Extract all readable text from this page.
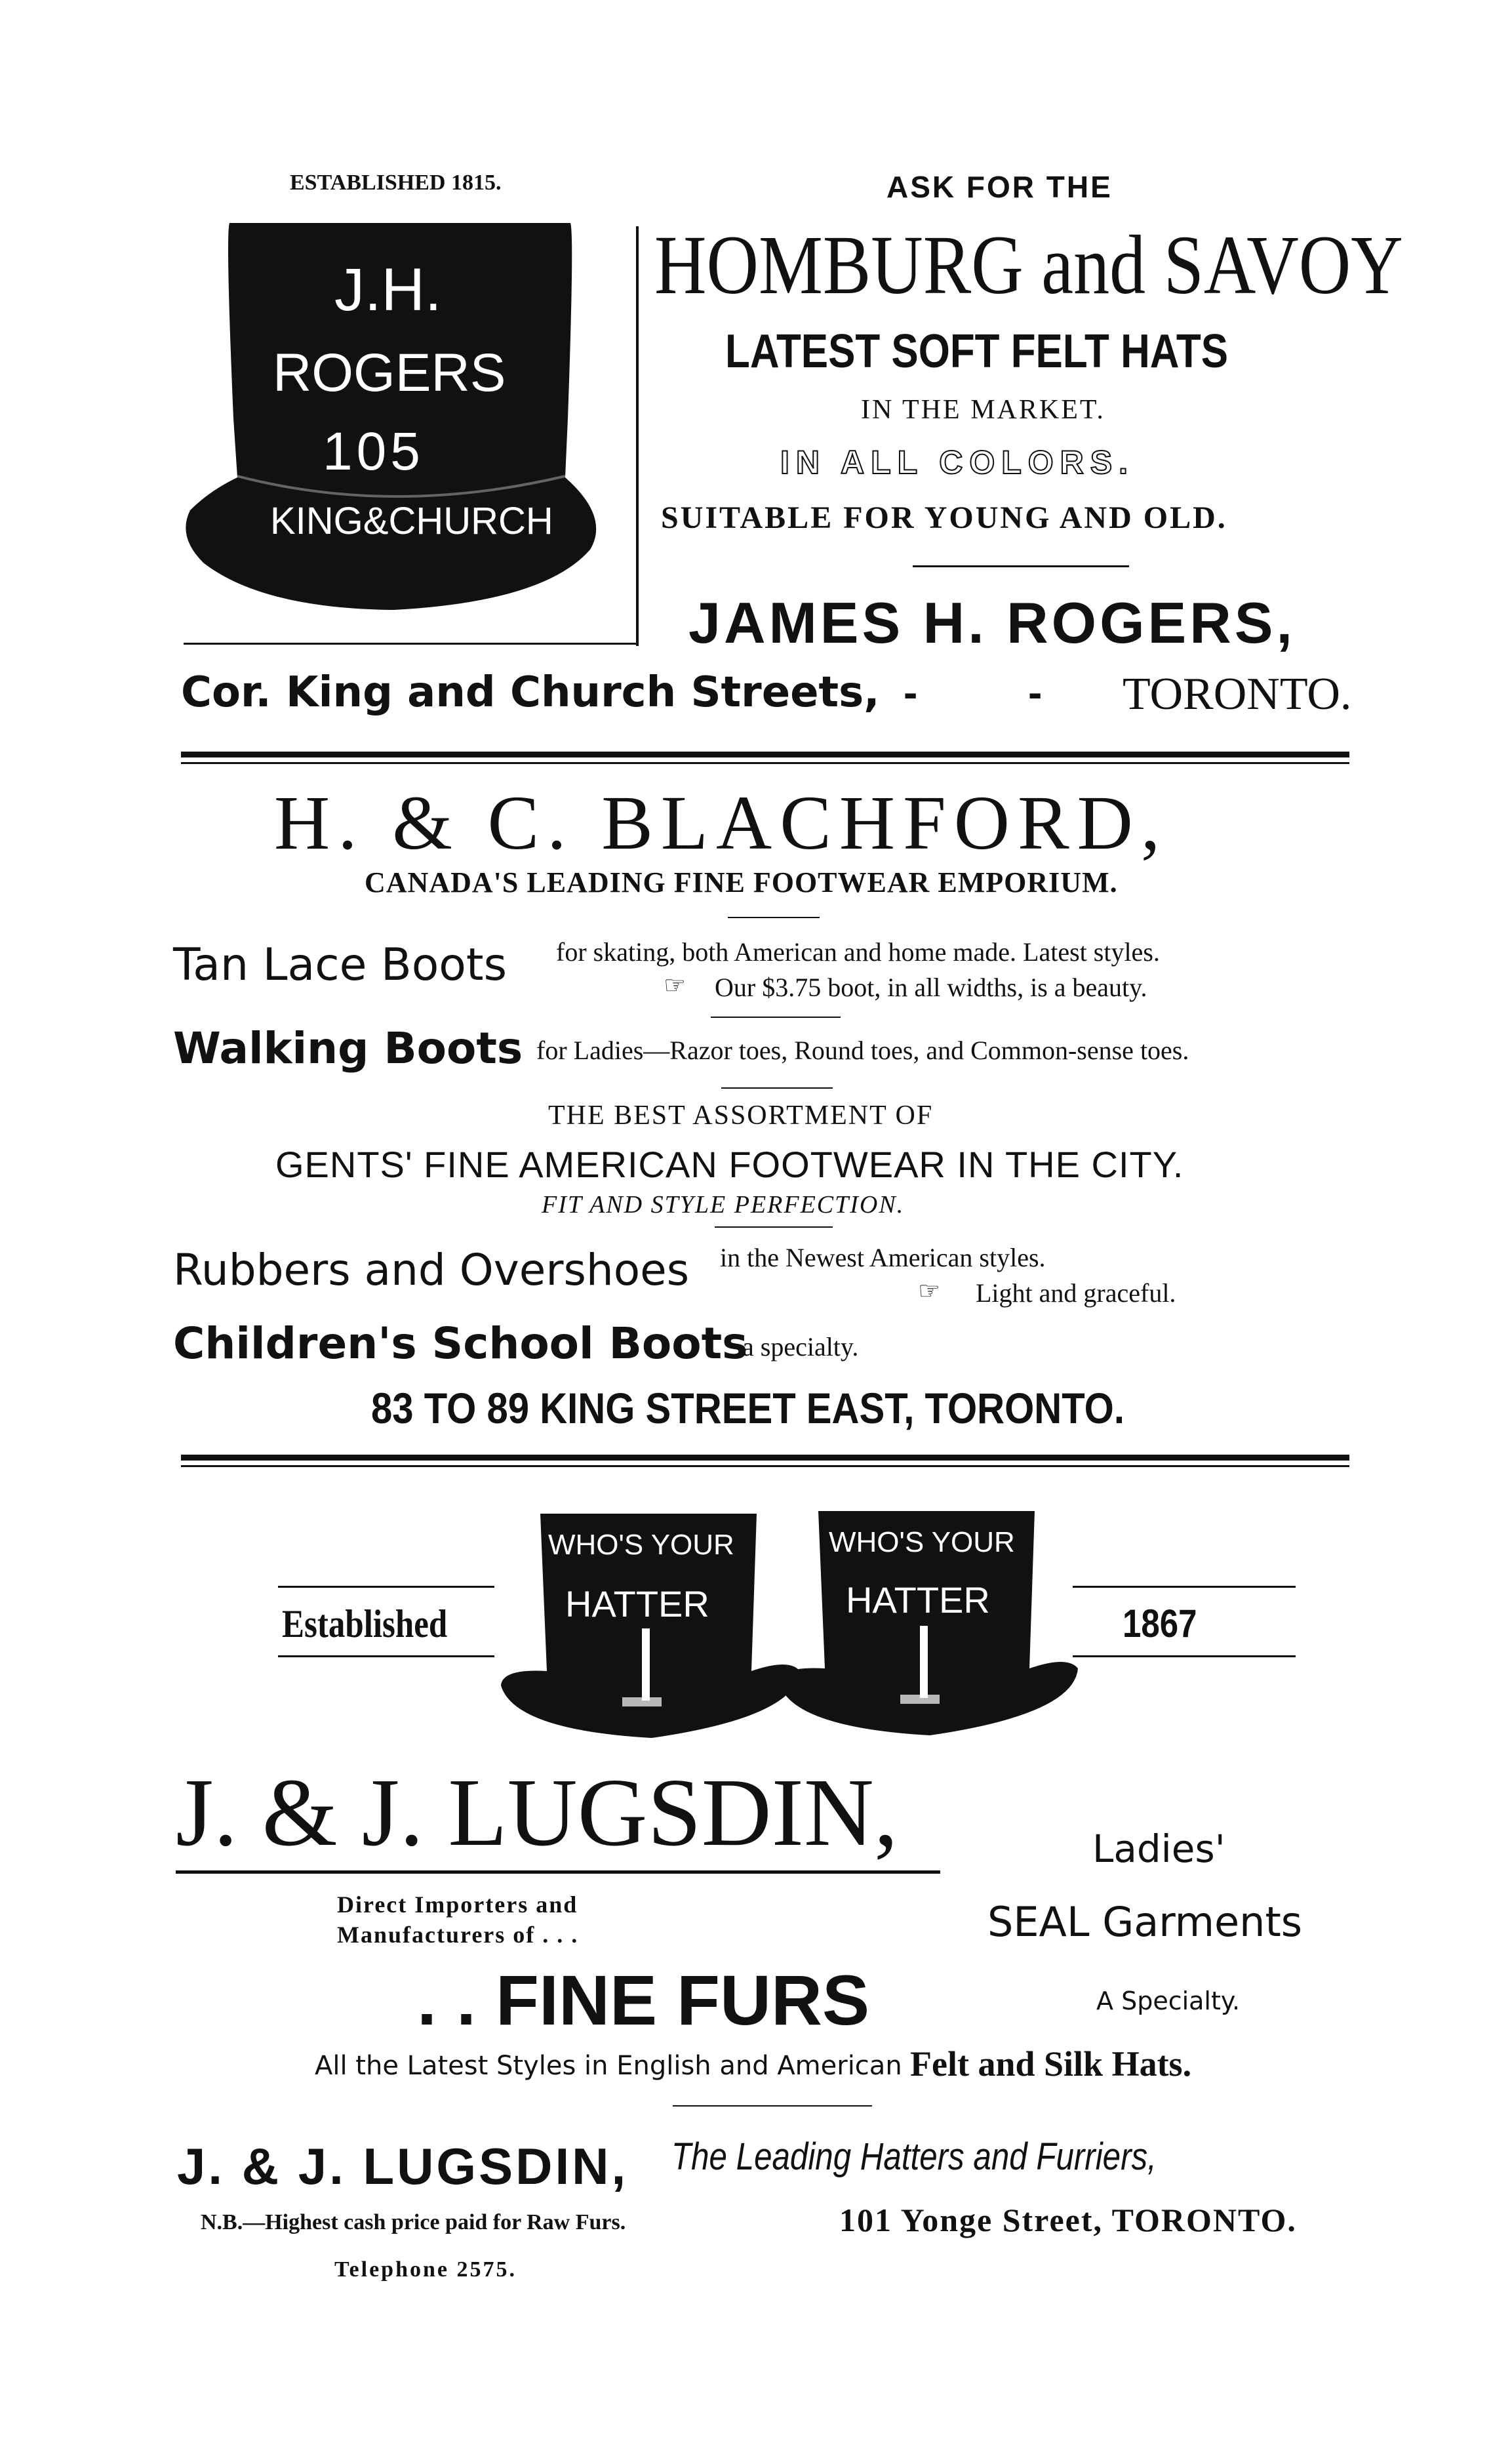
ESTABLISHED 1815.
J.H.
ROGERS
105
KING&CHURCH
ASK FOR THE
HOMBURG and SAVOY
LATEST SOFT FELT HATS
IN THE MARKET.
IN ALL COLORS.
SUITABLE FOR YOUNG AND OLD.
JAMES H. ROGERS,
Cor. King and Church Streets, -	- TORONTO.
H. & C. BLACHFORD,
CANADA'S LEADING FINE FOOTWEAR EMPORIUM.
Tan Lace Boots for skating, both American and home made. Latest styles.
☞ Our $3.75 boot, in all widths, is a beauty.
Walking Boots for Ladies—Razor toes, Round toes, and Common-sense toes.
THE BEST ASSORTMENT OF
GENTS' FINE AMERICAN FOOTWEAR IN THE CITY.
FIT AND STYLE PERFECTION.
Rubbers and Overshoes in the Newest American styles.
☞ Light and graceful.
Children's School Boots
a specialty.
83 TO 89 KING STREET EAST, TORONTO.
Established
WHO'S YOUR
HATTER
WHO'S YOUR
HATTER
1867
J. & J. LUGSDIN,	Ladies'
Direct Importers and
Manufacturers of . . .	SEAL Garments
. . FINE FURS	A Specialty.
All the Latest Styles in English and American Felt and Silk Hats.
J. & J. LUGSDIN, The Leading Hatters and Furriers,
N.B.—Highest cash price paid for Raw Furs.	101 Yonge Street, TORONTO.
Telephone 2575.
